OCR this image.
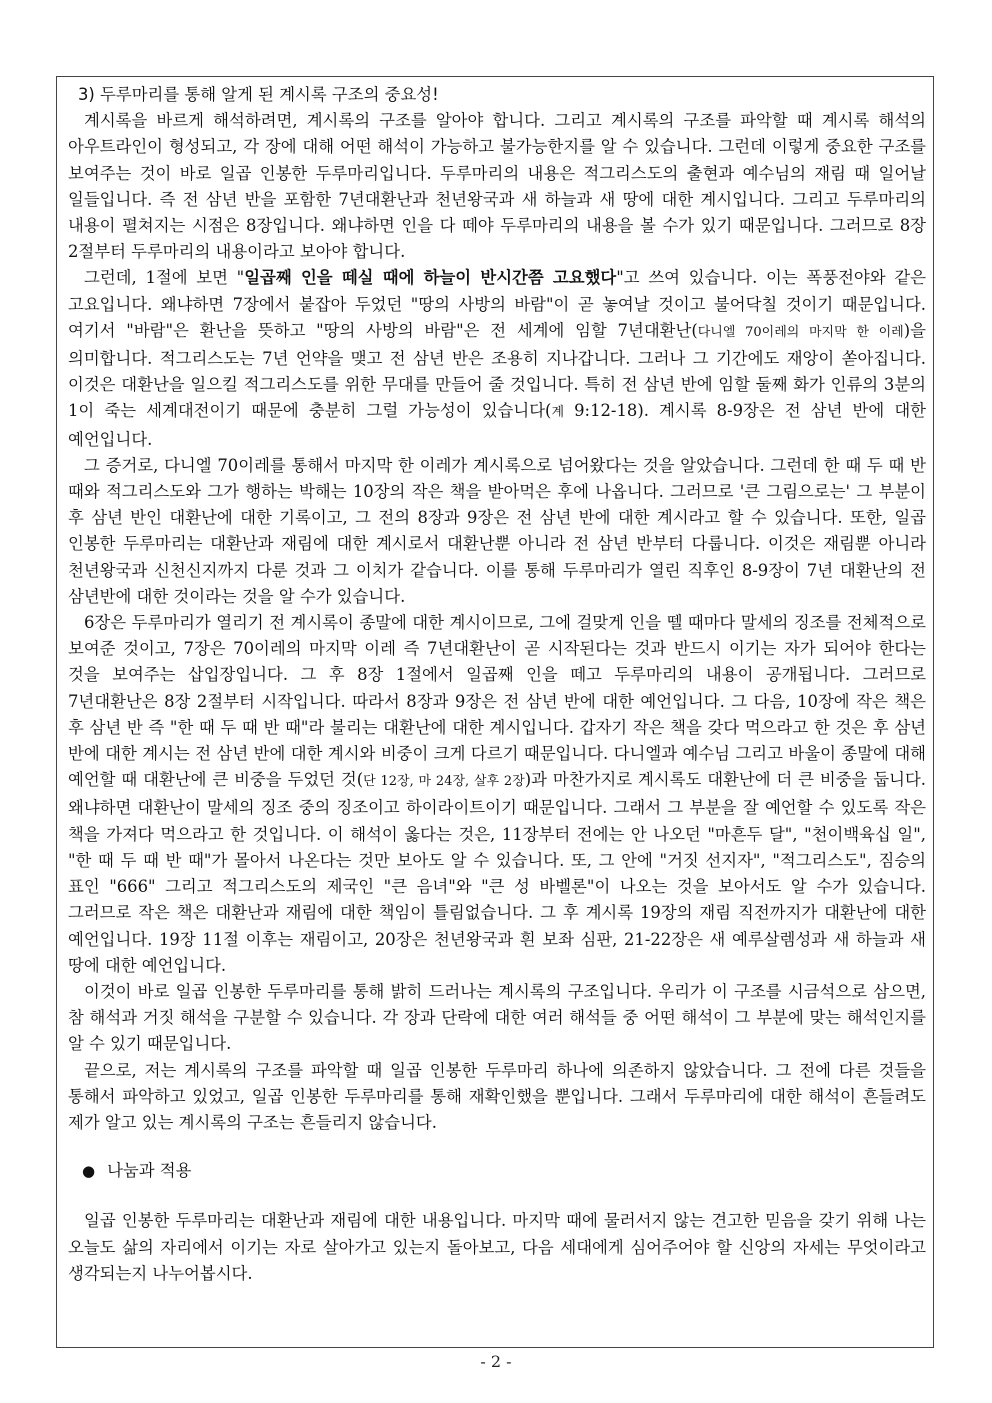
3) 두루마리를 통해 알게 된 계시록 구조의 중요성!

계시록을 바르게 해석하려면, 계시록의 구조를 알아야 합니다. 그리고 계시록의 구조를 파악할 때 계시록 해석의 아우트라인이 형성되고, 각 장에 대해 어떤 해석이 가능하고 불가능한지를 알 수 있습니다. 그런데 이렇게 중요한 구조를 보여주는 것이 바로 일곱 인봉한 두루마리입니다. 두루마리의 내용은 적그리스도의 출현과 예수님의 재림 때 일어날 일들입니다. 즉 전 삼년 반을 포함한 7년대환난과 천년왕국과 새 하늘과 새 땅에 대한 계시입니다. 그리고 두루마리의 내용이 펼쳐지는 시점은 8장입니다. 왜냐하면 인을 다 떼야 두루마리의 내용을 볼 수가 있기 때문입니다. 그러므로 8장 2절부터 두루마리의 내용이라고 보아야 합니다.

그런데, 1절에 보면 "일곱째 인을 떼실 때에 하늘이 반시간쯤 고요했다"고 쓰여 있습니다. 이는 폭풍전야와 같은 고요입니다. 왜냐하면 7장에서 붙잡아 두었던 "땅의 사방의 바람"이 곧 놓여날 것이고 불어닥칠 것이기 때문입니다. 여기서 "바람"은 환난을 뜻하고 "땅의 사방의 바람"은 전 세계에 임할 7년대환난(다니엘 70이레의 마지막 한 이레)을 의미합니다. 적그리스도는 7년 언약을 맺고 전 삼년 반은 조용히 지나갑니다. 그러나 그 기간에도 재앙이 쏟아집니다. 이것은 대환난을 일으킬 적그리스도를 위한 무대를 만들어 줄 것입니다. 특히 전 삼년 반에 임할 둘째 화가 인류의 3분의 1이 죽는 세계대전이기 때문에 충분히 그럴 가능성이 있습니다(계 9:12-18). 계시록 8-9장은 전 삼년 반에 대한 예언입니다.

그 증거로, 다니엘 70이레를 통해서 마지막 한 이레가 계시록으로 넘어왔다는 것을 알았습니다. 그런데 한 때 두 때 반 때와 적그리스도와 그가 행하는 박해는 10장의 작은 책을 받아먹은 후에 나옵니다. 그러므로 '큰 그림으로는' 그 부분이 후 삼년 반인 대환난에 대한 기록이고, 그 전의 8장과 9장은 전 삼년 반에 대한 계시라고 할 수 있습니다. 또한, 일곱 인봉한 두루마리는 대환난과 재림에 대한 계시로서 대환난뿐 아니라 전 삼년 반부터 다룹니다. 이것은 재림뿐 아니라 천년왕국과 신천신지까지 다룬 것과 그 이치가 같습니다. 이를 통해 두루마리가 열린 직후인 8-9장이 7년 대환난의 전 삼년반에 대한 것이라는 것을 알 수가 있습니다.

6장은 두루마리가 열리기 전 계시록이 종말에 대한 계시이므로, 그에 걸맞게 인을 뗄 때마다 말세의 징조를 전체적으로 보여준 것이고, 7장은 70이레의 마지막 이레 즉 7년대환난이 곧 시작된다는 것과 반드시 이기는 자가 되어야 한다는 것을 보여주는 삽입장입니다. 그 후 8장 1절에서 일곱째 인을 떼고 두루마리의 내용이 공개됩니다. 그러므로 7년대환난은 8장 2절부터 시작입니다. 따라서 8장과 9장은 전 삼년 반에 대한 예언입니다. 그 다음, 10장에 작은 책은 후 삼년 반 즉 "한 때 두 때 반 때"라 불리는 대환난에 대한 계시입니다. 갑자기 작은 책을 갖다 먹으라고 한 것은 후 삼년 반에 대한 계시는 전 삼년 반에 대한 계시와 비중이 크게 다르기 때문입니다. 다니엘과 예수님 그리고 바울이 종말에 대해 예언할 때 대환난에 큰 비중을 두었던 것(단 12장, 마 24장, 살후 2장)과 마찬가지로 계시록도 대환난에 더 큰 비중을 둡니다. 왜냐하면 대환난이 말세의 징조 중의 징조이고 하이라이트이기 때문입니다. 그래서 그 부분을 잘 예언할 수 있도록 작은 책을 가져다 먹으라고 한 것입니다. 이 해석이 옳다는 것은, 11장부터 전에는 안 나오던 "마흔두 달", "천이백육십 일", "한 때 두 때 반 때"가 몰아서 나온다는 것만 보아도 알 수 있습니다. 또, 그 안에 "거짓 선지자", "적그리스도", 짐승의 표인 "666" 그리고 적그리스도의 제국인 "큰 음녀"와 "큰 성 바벨론"이 나오는 것을 보아서도 알 수가 있습니다. 그러므로 작은 책은 대환난과 재림에 대한 책임이 틀림없습니다. 그 후 계시록 19장의 재림 직전까지가 대환난에 대한 예언입니다. 19장 11절 이후는 재림이고, 20장은 천년왕국과 흰 보좌 심판, 21-22장은 새 예루살렘성과 새 하늘과 새 땅에 대한 예언입니다.

이것이 바로 일곱 인봉한 두루마리를 통해 밝히 드러나는 계시록의 구조입니다. 우리가 이 구조를 시금석으로 삼으면, 참 해석과 거짓 해석을 구분할 수 있습니다. 각 장과 단락에 대한 여러 해석들 중 어떤 해석이 그 부분에 맞는 해석인지를 알 수 있기 때문입니다.

끝으로, 저는 계시록의 구조를 파악할 때 일곱 인봉한 두루마리 하나에 의존하지 않았습니다. 그 전에 다른 것들을 통해서 파악하고 있었고, 일곱 인봉한 두루마리를 통해 재확인했을 뿐입니다. 그래서 두루마리에 대한 해석이 흔들려도 제가 알고 있는 계시록의 구조는 흔들리지 않습니다.

● 나눔과 적용

일곱 인봉한 두루마리는 대환난과 재림에 대한 내용입니다. 마지막 때에 물러서지 않는 견고한 믿음을 갖기 위해 나는 오늘도 삶의 자리에서 이기는 자로 살아가고 있는지 돌아보고, 다음 세대에게 심어주어야 할 신앙의 자세는 무엇이라고 생각되는지 나누어봅시다.

- 2 -
